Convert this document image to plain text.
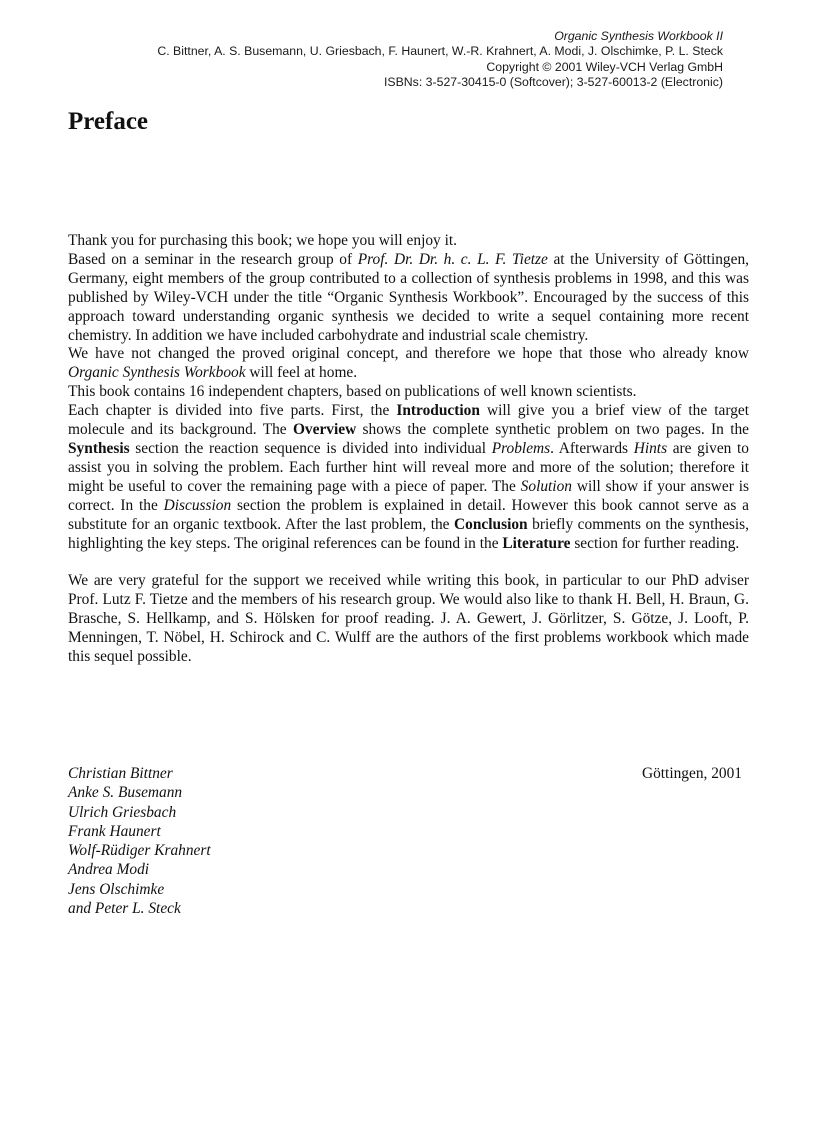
Organic Synthesis Workbook II
C. Bittner, A. S. Busemann, U. Griesbach, F. Haunert, W.-R. Krahnert, A. Modi, J. Olschimke, P. L. Steck
Copyright © 2001 Wiley-VCH Verlag GmbH
ISBNs: 3-527-30415-0 (Softcover); 3-527-60013-2 (Electronic)
Preface

Thank you for purchasing this book; we hope you will enjoy it.

Based on a seminar in the research group of Prof. Dr. Dr. h. c. L. F. Tietze at the University of Göttingen, Germany, eight members of the group contributed to a collection of synthesis problems in 1998, and this was published by Wiley-VCH under the title “Organic Synthesis Workbook”. Encouraged by the success of this approach toward understanding organic synthesis we decided to write a sequel containing more recent chemistry. In addition we have included carbohydrate and industrial scale chemistry.

We have not changed the proved original concept, and therefore we hope that those who already know Organic Synthesis Workbook will feel at home.

This book contains 16 independent chapters, based on publications of well known scientists.

Each chapter is divided into five parts. First, the Introduction will give you a brief view of the target molecule and its background. The Overview shows the complete synthetic problem on two pages. In the Synthesis section the reaction sequence is divided into individual Problems. Afterwards Hints are given to assist you in solving the problem. Each further hint will reveal more and more of the solution; therefore it might be useful to cover the remaining page with a piece of paper. The Solution will show if your answer is correct. In the Discussion section the problem is explained in detail. However this book cannot serve as a substitute for an organic textbook. After the last problem, the Conclusion briefly comments on the synthesis, highlighting the key steps. The original references can be found in the Literature section for further reading.

We are very grateful for the support we received while writing this book, in particular to our PhD adviser Prof. Lutz F. Tietze and the members of his research group. We would also like to thank H. Bell, H. Braun, G. Brasche, S. Hellkamp, and S. Hölsken for proof reading. J. A. Gewert, J. Görlitzer, S. Götze, J. Looft, P. Menningen, T. Nöbel, H. Schirock and C. Wulff are the authors of the first problems workbook which made this sequel possible.

Christian Bittner
Anke S. Busemann
Ulrich Griesbach
Frank Haunert
Wolf-Rüdiger Krahnert
Andrea Modi
Jens Olschimke
and Peter L. Steck
Göttingen, 2001
